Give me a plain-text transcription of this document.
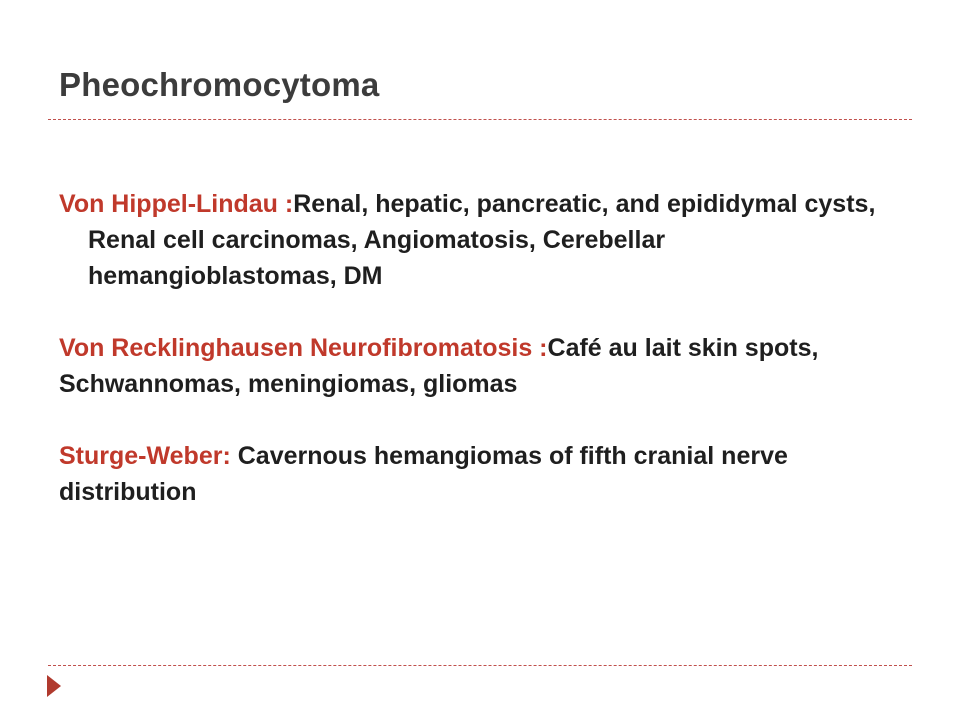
Pheochromocytoma

Von Hippel-Lindau :Renal, hepatic, pancreatic, and epididymal cysts, Renal cell carcinomas, Angiomatosis, Cerebellar hemangioblastomas, DM

Von Recklinghausen Neurofibromatosis :Café au lait skin spots, Schwannomas, meningiomas, gliomas

Sturge-Weber: Cavernous hemangiomas of fifth cranial nerve distribution
